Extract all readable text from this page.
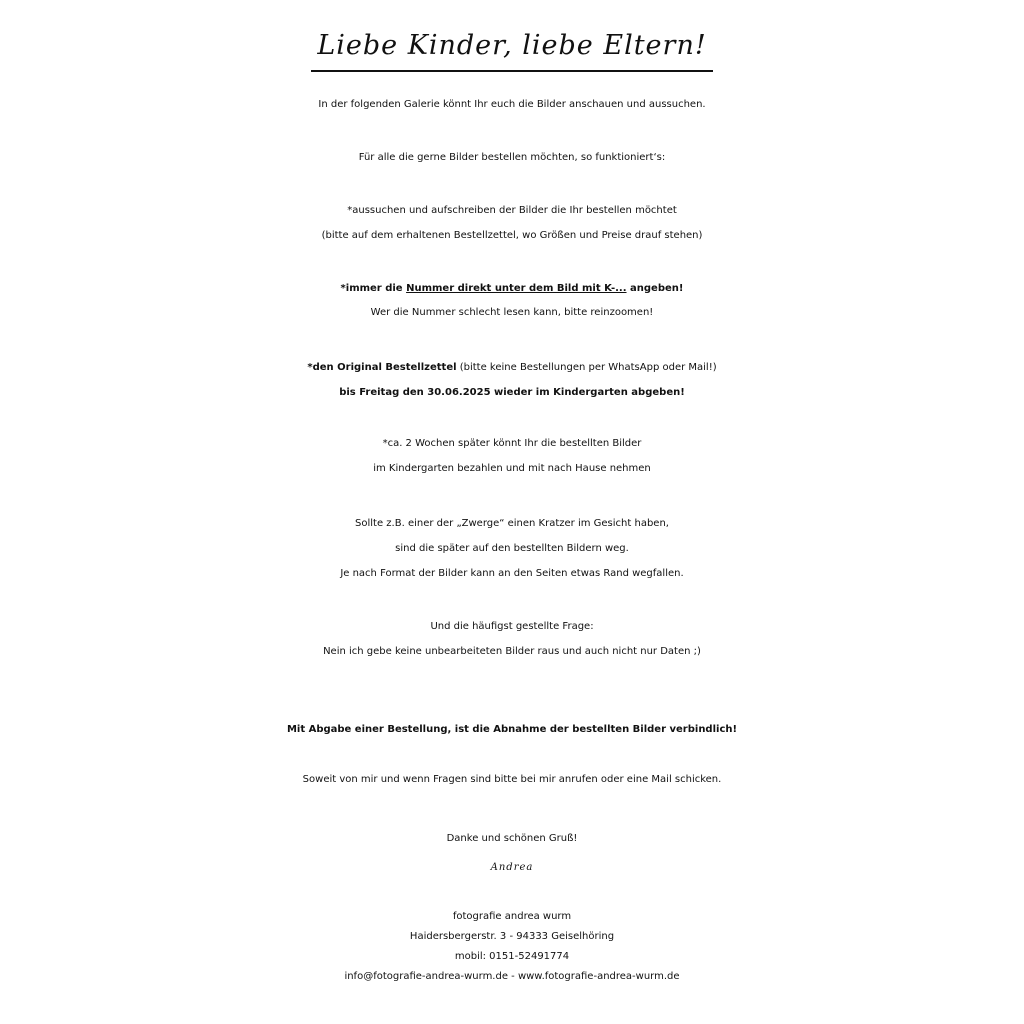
Liebe Kinder, liebe Eltern!
In der folgenden Galerie könnt Ihr euch die Bilder anschauen und aussuchen.
Für alle die gerne Bilder bestellen möchten, so funktioniert‘s:
*aussuchen und aufschreiben der Bilder die Ihr bestellen möchtet
(bitte auf dem erhaltenen Bestellzettel, wo Größen und Preise drauf stehen)
*immer die Nummer direkt unter dem Bild mit K-... angeben!
Wer die Nummer schlecht lesen kann, bitte reinzoomen!
*den Original Bestellzettel (bitte keine Bestellungen per WhatsApp oder Mail!)
bis Freitag den 30.06.2025 wieder im Kindergarten abgeben!
*ca. 2 Wochen später könnt Ihr die bestellten Bilder
im Kindergarten bezahlen und mit nach Hause nehmen
Sollte z.B. einer der „Zwerge“ einen Kratzer im Gesicht haben,
sind die später auf den bestellten Bildern weg.
Je nach Format der Bilder kann an den Seiten etwas Rand wegfallen.
Und die häufigst gestellte Frage:
Nein ich gebe keine unbearbeiteten Bilder raus und auch nicht nur Daten ;)
Mit Abgabe einer Bestellung, ist die Abnahme der bestellten Bilder verbindlich!
Soweit von mir und wenn Fragen sind bitte bei mir anrufen oder eine Mail schicken.
Danke und schönen Gruß!
Andrea
fotografie andrea wurm
Haidersbergerstr. 3 - 94333 Geiselhöring
mobil: 0151-52491774
info@fotografie-andrea-wurm.de - www.fotografie-andrea-wurm.de
